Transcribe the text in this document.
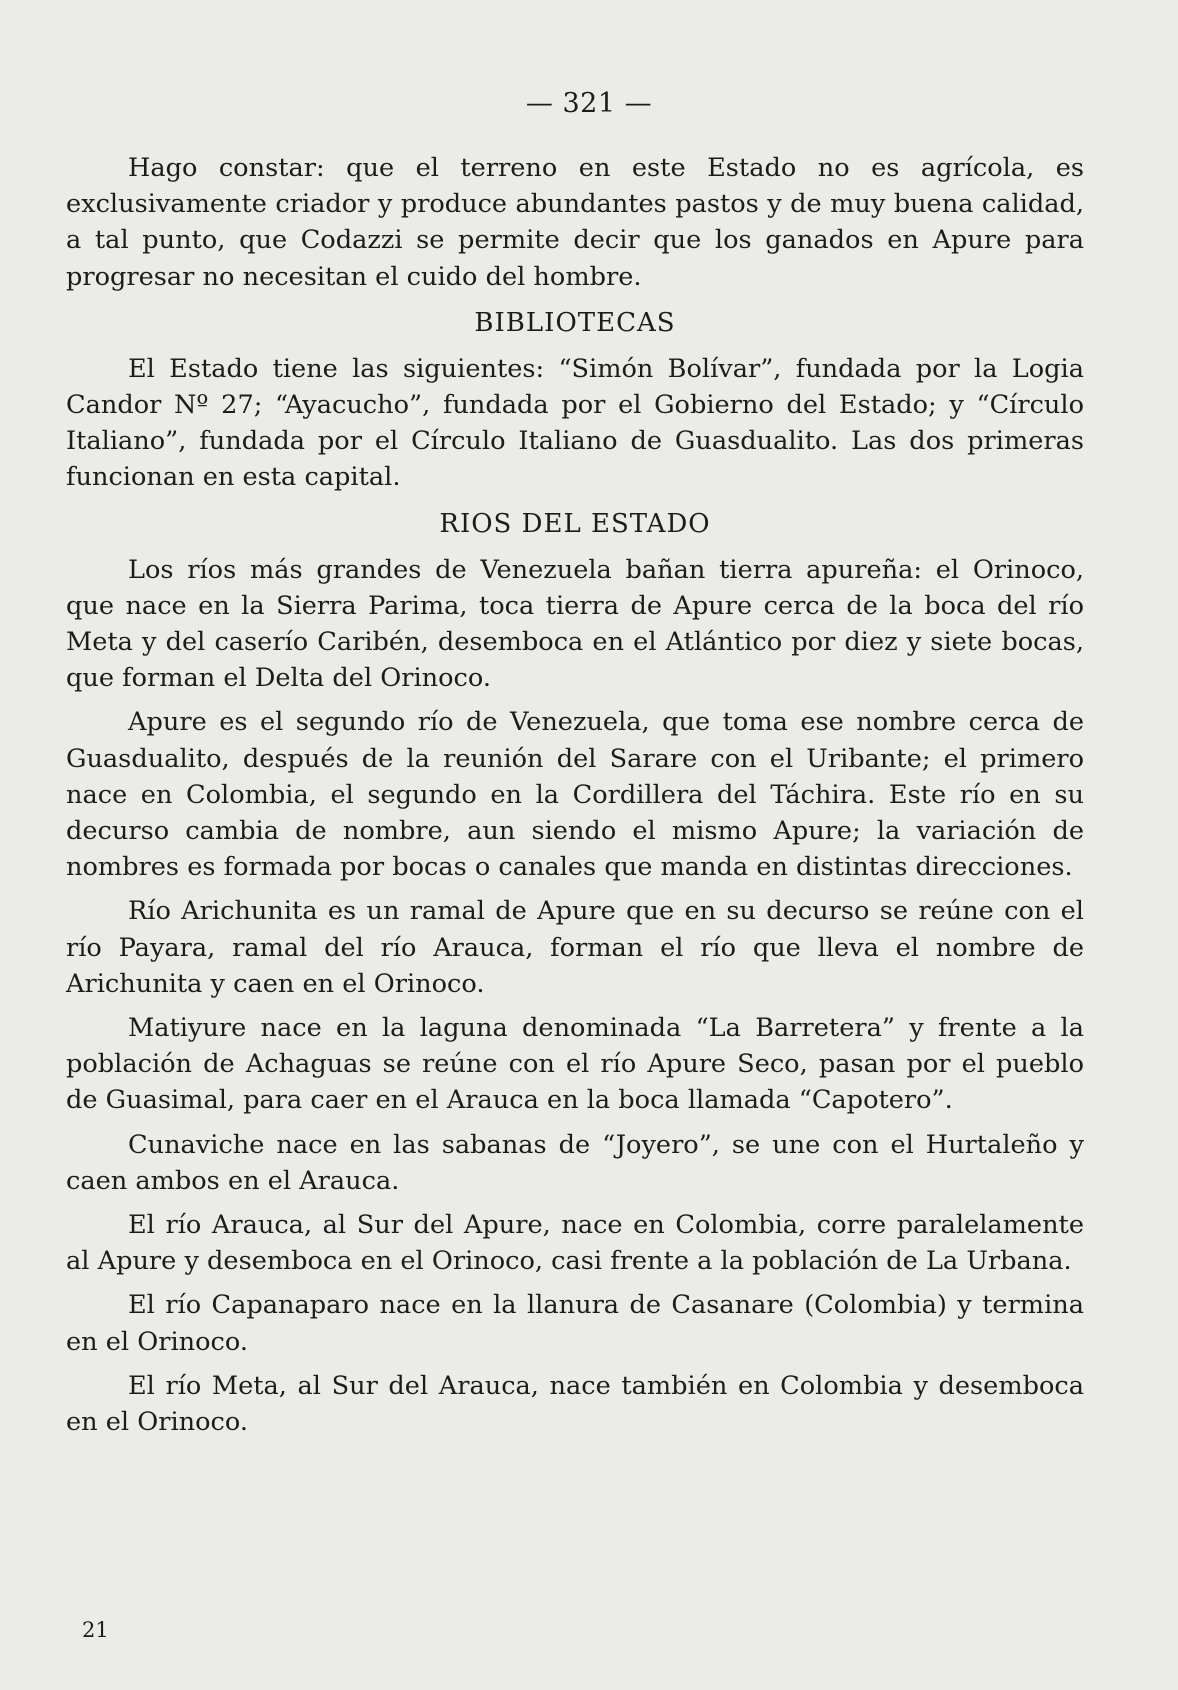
— 321 —

Hago constar: que el terreno en este Estado no es agrícola, es exclusivamente criador y produce abundantes pastos y de muy buena calidad, a tal punto, que Codazzi se permite decir que los ganados en Apure para progresar no necesitan el cuido del hombre.

BIBLIOTECAS

El Estado tiene las siguientes: “Simón Bolívar”, fundada por la Logia Candor Nº 27; “Ayacucho”, fundada por el Gobierno del Estado; y “Círculo Italiano”, fundada por el Círculo Italiano de Guasdualito. Las dos primeras funcionan en esta capital.

RIOS DEL ESTADO

Los ríos más grandes de Venezuela bañan tierra apureña: el Orinoco, que nace en la Sierra Parima, toca tierra de Apure cerca de la boca del río Meta y del caserío Caribén, desemboca en el Atlántico por diez y siete bocas, que forman el Delta del Orinoco.

Apure es el segundo río de Venezuela, que toma ese nombre cerca de Guasdualito, después de la reunión del Sarare con el Uribante; el primero nace en Colombia, el segundo en la Cordillera del Táchira. Este río en su decurso cambia de nombre, aun siendo el mismo Apure; la variación de nombres es formada por bocas o canales que manda en distintas direcciones.

Río Arichunita es un ramal de Apure que en su decurso se reúne con el río Payara, ramal del río Arauca, forman el río que lleva el nombre de Arichunita y caen en el Orinoco.

Matiyure nace en la laguna denominada “La Barretera” y frente a la población de Achaguas se reúne con el río Apure Seco, pasan por el pueblo de Guasimal, para caer en el Arauca en la boca llamada “Capotero”.

Cunaviche nace en las sabanas de “Joyero”, se une con el Hurtaleño y caen ambos en el Arauca.

El río Arauca, al Sur del Apure, nace en Colombia, corre paralelamente al Apure y desemboca en el Orinoco, casi frente a la población de La Urbana.

El río Capanaparo nace en la llanura de Casanare (Colombia) y termina en el Orinoco.

El río Meta, al Sur del Arauca, nace también en Colombia y desemboca en el Orinoco.

21
